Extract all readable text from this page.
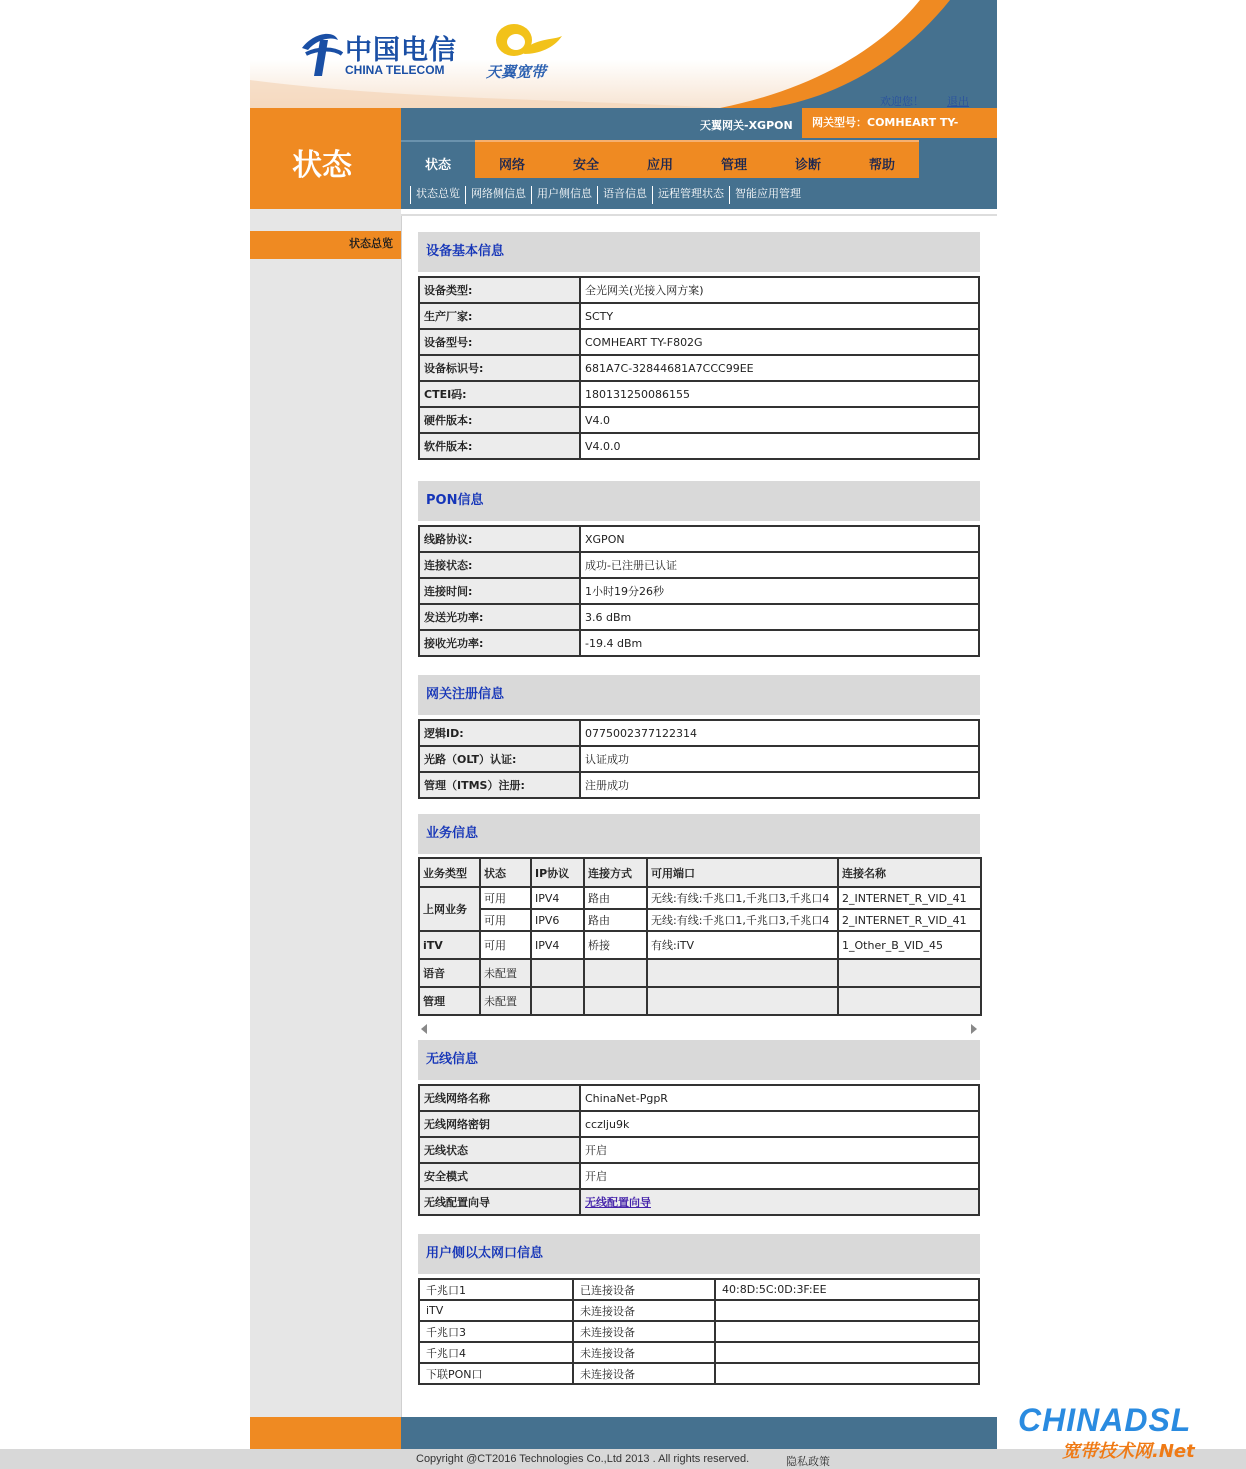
中国电信
CHINA TELECOM	天翼宽带
欢迎您！ 退出
状态
天翼网关-XGPON	网关型号：COMHEART TY-
状态	网络	安全	应用	管理	诊断	帮助
状态总览	网络侧信息	用户侧信息	语音信息	远程管理状态	智能应用管理
状态总览
设备基本信息
设备类型:	全光网关(光接入网方案)
生产厂家:	SCTY
设备型号:	COMHEART TY-F802G
设备标识号:	681A7C-32844681A7CCC99EE
CTEI码:	180131250086155
硬件版本:	V4.0
软件版本:	V4.0.0
PON信息
线路协议:	XGPON
连接状态:	成功-已注册已认证
连接时间:	1小时19分26秒
发送光功率:	3.6 dBm
接收光功率:	-19.4 dBm
网关注册信息
逻辑ID:	0775002377122314
光路（OLT）认证:	认证成功
管理（ITMS）注册:	注册成功
业务信息
业务类型	状态	IP协议	连接方式	可用端口	连接名称
上网业务	可用	IPV4	路由	无线:有线:千兆口1,千兆口3,千兆口4	2_INTERNET_R_VID_41
	可用	IPV6	路由	无线:有线:千兆口1,千兆口3,千兆口4	2_INTERNET_R_VID_41
iTV	可用	IPV4	桥接	有线:iTV	1_Other_B_VID_45
语音	未配置				
管理	未配置				
无线信息
无线网络名称	ChinaNet-PgpR
无线网络密钥	cczlju9k
无线状态	开启
安全模式	开启
无线配置向导	无线配置向导
用户侧以太网口信息
千兆口1	已连接设备	40:8D:5C:0D:3F:EE
iTV	未连接设备	
千兆口3	未连接设备	
千兆口4	未连接设备	
下联PON口	未连接设备	
Copyright @CT2016 Technologies Co.,Ltd 2013 . All rights reserved.	隐私政策
CHINADSL
宽带技术网.Net
